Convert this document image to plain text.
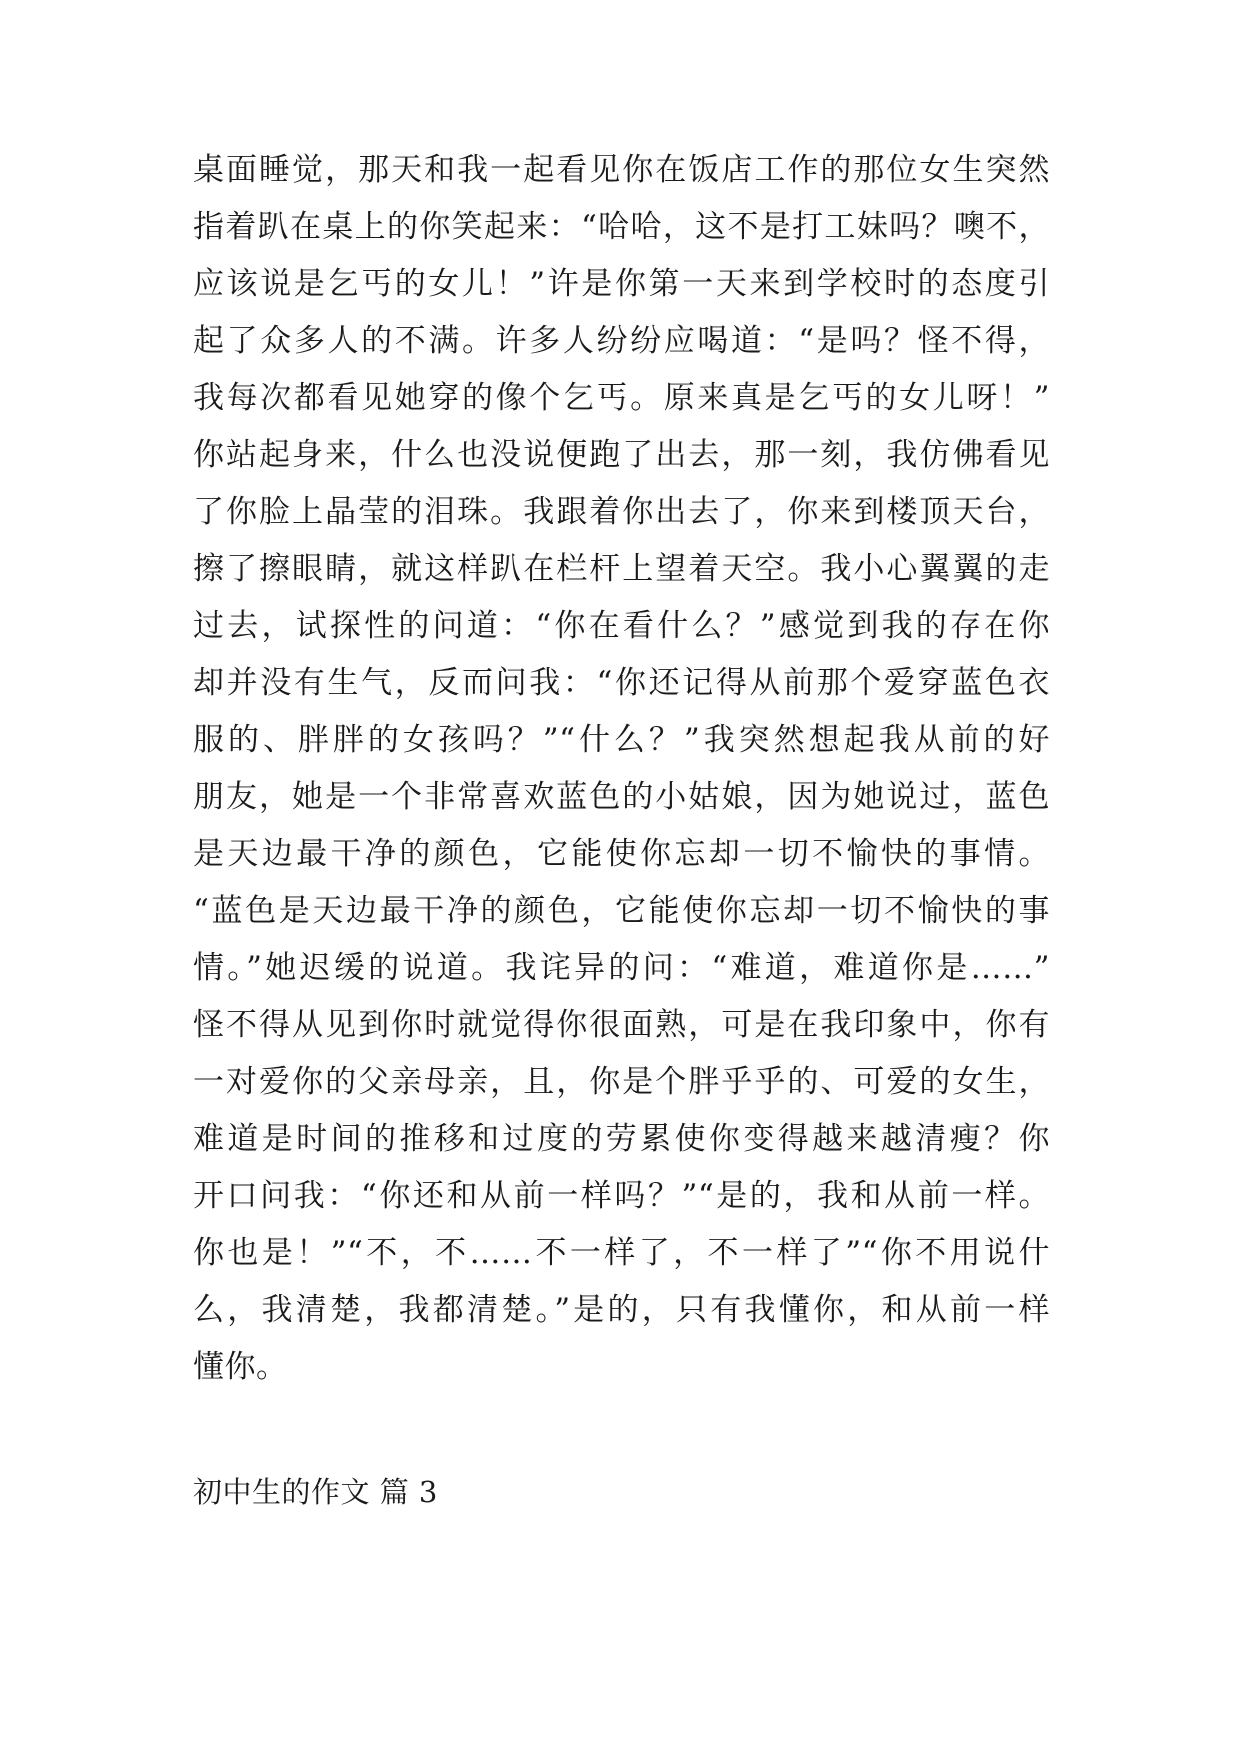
桌面睡觉，那天和我一起看见你在饭店工作的那位女生突然
指着趴在桌上的你笑起来：“哈哈，这不是打工妹吗？噢不，
应该说是乞丐的女儿！”许是你第一天来到学校时的态度引
起了众多人的不满。许多人纷纷应喝道：“是吗？怪不得，
我每次都看见她穿的像个乞丐。原来真是乞丐的女儿呀！”
你站起身来，什么也没说便跑了出去，那一刻，我仿佛看见
了你脸上晶莹的泪珠。我跟着你出去了，你来到楼顶天台，
擦了擦眼睛，就这样趴在栏杆上望着天空。我小心翼翼的走
过去，试探性的问道：“你在看什么？”感觉到我的存在你
却并没有生气，反而问我：“你还记得从前那个爱穿蓝色衣
服的、胖胖的女孩吗？”“什么？”我突然想起我从前的好
朋友，她是一个非常喜欢蓝色的小姑娘，因为她说过，蓝色
是天边最干净的颜色，它能使你忘却一切不愉快的事情。
“蓝色是天边最干净的颜色，它能使你忘却一切不愉快的事
情。”她迟缓的说道。我诧异的问：“难道，难道你是……”
怪不得从见到你时就觉得你很面熟，可是在我印象中，你有
一对爱你的父亲母亲，且，你是个胖乎乎的、可爱的女生，
难道是时间的推移和过度的劳累使你变得越来越清瘦？你
开口问我：“你还和从前一样吗？”“是的，我和从前一样。
你也是！”“不，不……不一样了，不一样了”“你不用说什
么，我清楚，我都清楚。”是的，只有我懂你，和从前一样
懂你。
初中生的作文 篇 3
